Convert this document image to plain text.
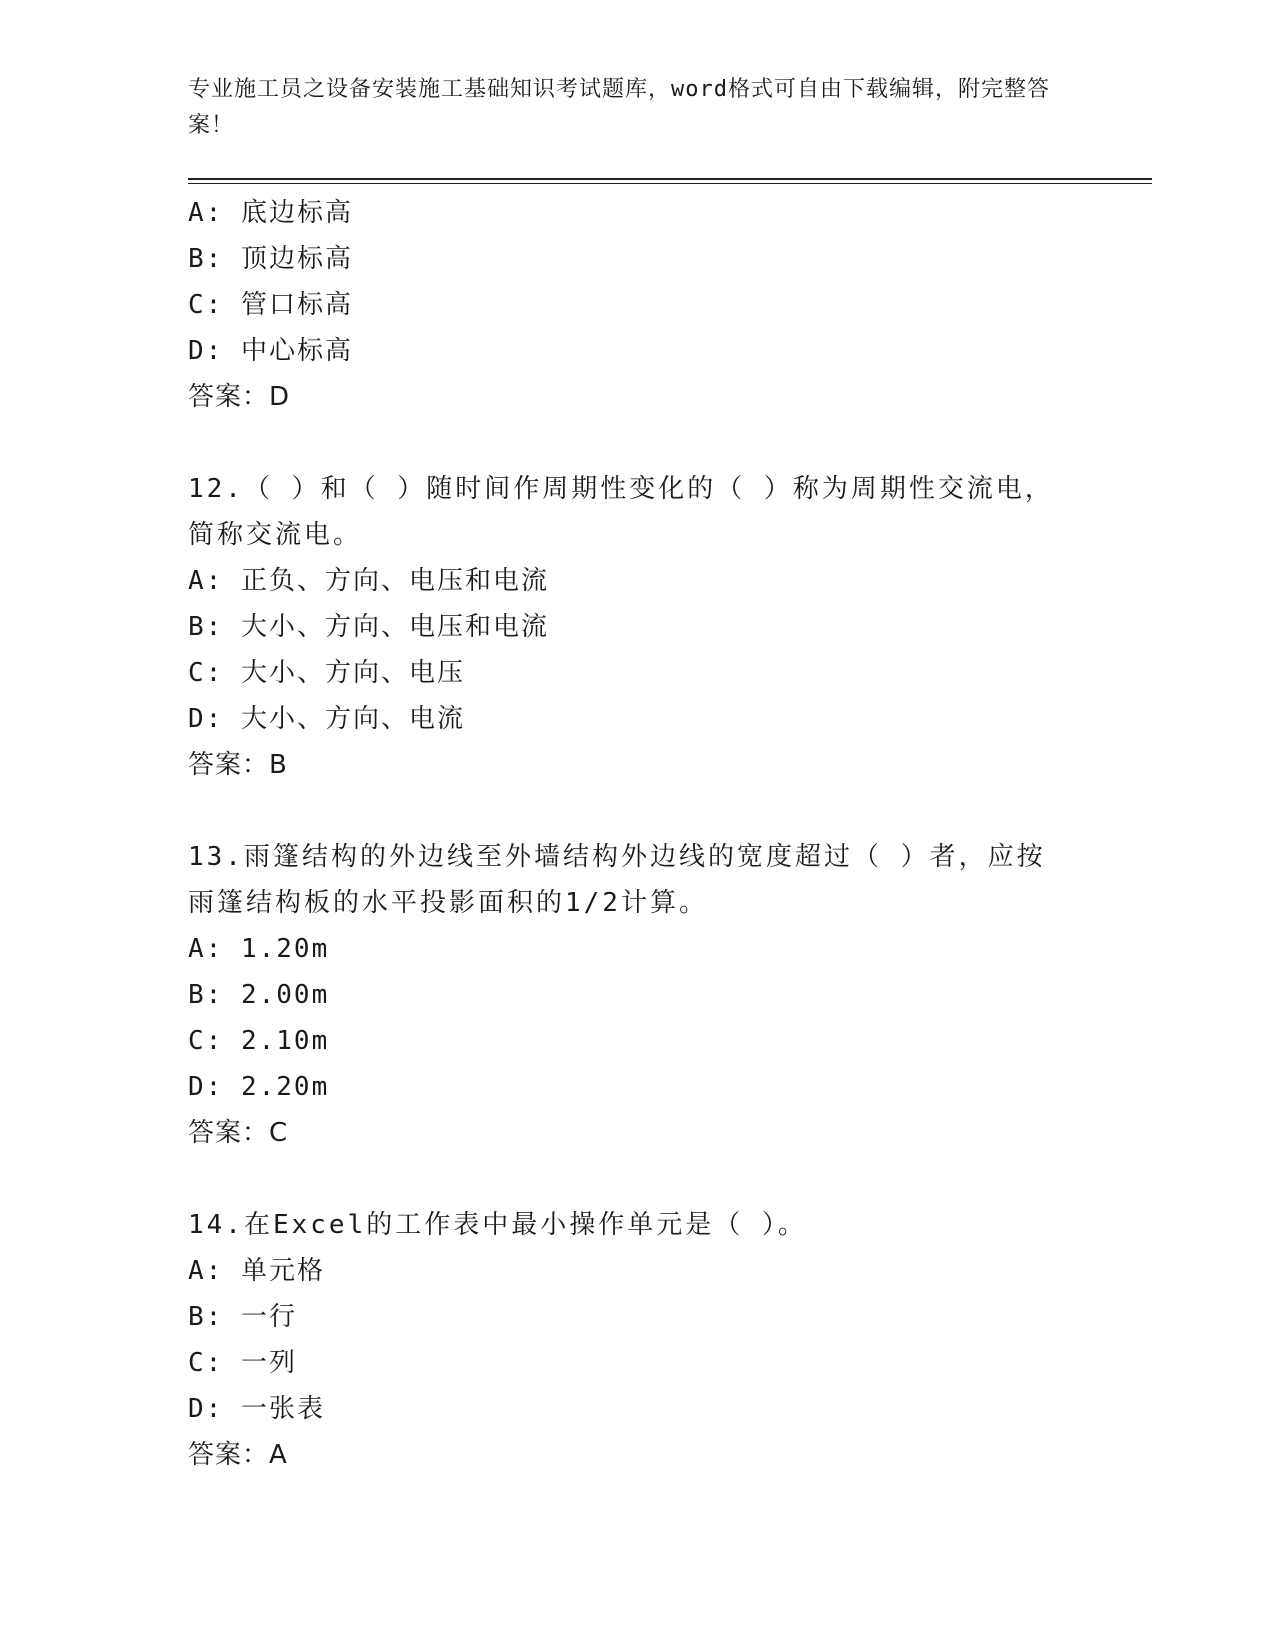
专业施工员之设备安装施工基础知识考试题库，word格式可自由下载编辑，附完整答案！
A: 底边标高
B: 顶边标高
C: 管口标高
D: 中心标高
答案：D
12.（ ）和（ ）随时间作周期性变化的（ ）称为周期性交流电，简称交流电。
A: 正负、方向、电压和电流
B: 大小、方向、电压和电流
C: 大小、方向、电压
D: 大小、方向、电流
答案：B
13.雨篷结构的外边线至外墙结构外边线的宽度超过（ ）者，应按雨篷结构板的水平投影面积的1/2计算。
A: 1.20m
B: 2.00m
C: 2.10m
D: 2.20m
答案：C
14.在Excel的工作表中最小操作单元是（ ）。
A: 单元格
B: 一行
C: 一列
D: 一张表
答案：A
